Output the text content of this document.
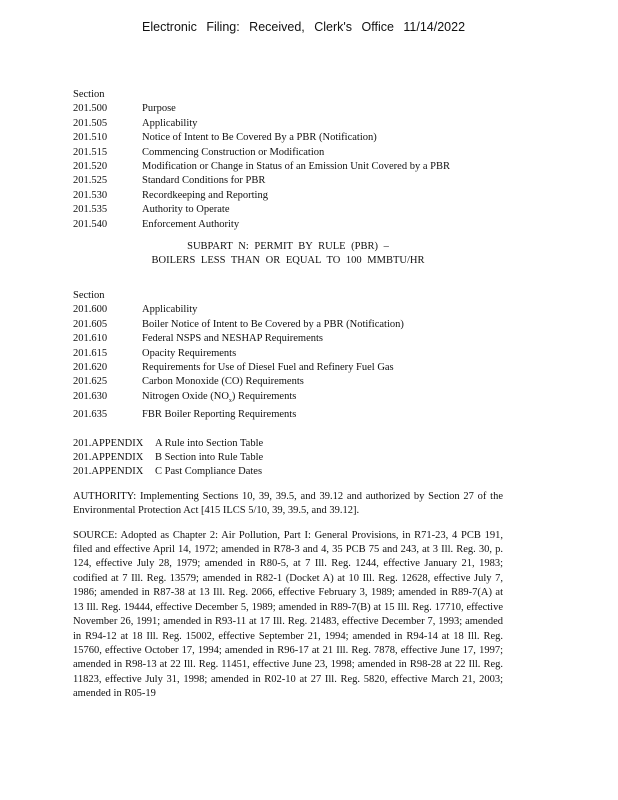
Electronic Filing: Received, Clerk's Office 11/14/2022
Section
201.500	Purpose
201.505	Applicability
201.510	Notice of Intent to Be Covered By a PBR (Notification)
201.515	Commencing Construction or Modification
201.520	Modification or Change in Status of an Emission Unit Covered by a PBR
201.525	Standard Conditions for PBR
201.530	Recordkeeping and Reporting
201.535	Authority to Operate
201.540	Enforcement Authority
SUBPART N: PERMIT BY RULE (PBR) –
BOILERS LESS THAN OR EQUAL TO 100 MMBTU/HR
Section
201.600	Applicability
201.605	Boiler Notice of Intent to Be Covered by a PBR (Notification)
201.610	Federal NSPS and NESHAP Requirements
201.615	Opacity Requirements
201.620	Requirements for Use of Diesel Fuel and Refinery Fuel Gas
201.625	Carbon Monoxide (CO) Requirements
201.630	Nitrogen Oxide $(NO_x)$ Requirements
201.635	FBR Boiler Reporting Requirements
201.APPENDIX	A Rule into Section Table
201.APPENDIX	B Section into Rule Table
201.APPENDIX	C Past Compliance Dates
AUTHORITY: Implementing Sections 10, 39, 39.5, and 39.12 and authorized by Section 27 of the Environmental Protection Act [415 ILCS 5/10, 39, 39.5, and 39.12].
SOURCE: Adopted as Chapter 2: Air Pollution, Part I: General Provisions, in R71-23, 4 PCB 191, filed and effective April 14, 1972; amended in R78-3 and 4, 35 PCB 75 and 243, at 3 Ill. Reg. 30, p. 124, effective July 28, 1979; amended in R80-5, at 7 Ill. Reg. 1244, effective January 21, 1983; codified at 7 Ill. Reg. 13579; amended in R82-1 (Docket A) at 10 Ill. Reg. 12628, effective July 7, 1986; amended in R87-38 at 13 Ill. Reg. 2066, effective February 3, 1989; amended in R89-7(A) at 13 Ill. Reg. 19444, effective December 5, 1989; amended in R89-7(B) at 15 Ill. Reg. 17710, effective November 26, 1991; amended in R93-11 at 17 Ill. Reg. 21483, effective December 7, 1993; amended in R94-12 at 18 Ill. Reg. 15002, effective September 21, 1994; amended in R94-14 at 18 Ill. Reg. 15760, effective October 17, 1994; amended in R96-17 at 21 Ill. Reg. 7878, effective June 17, 1997; amended in R98-13 at 22 Ill. Reg. 11451, effective June 23, 1998; amended in R98-28 at 22 Ill. Reg. 11823, effective July 31, 1998; amended in R02-10 at 27 Ill. Reg. 5820, effective March 21, 2003; amended in R05-19
